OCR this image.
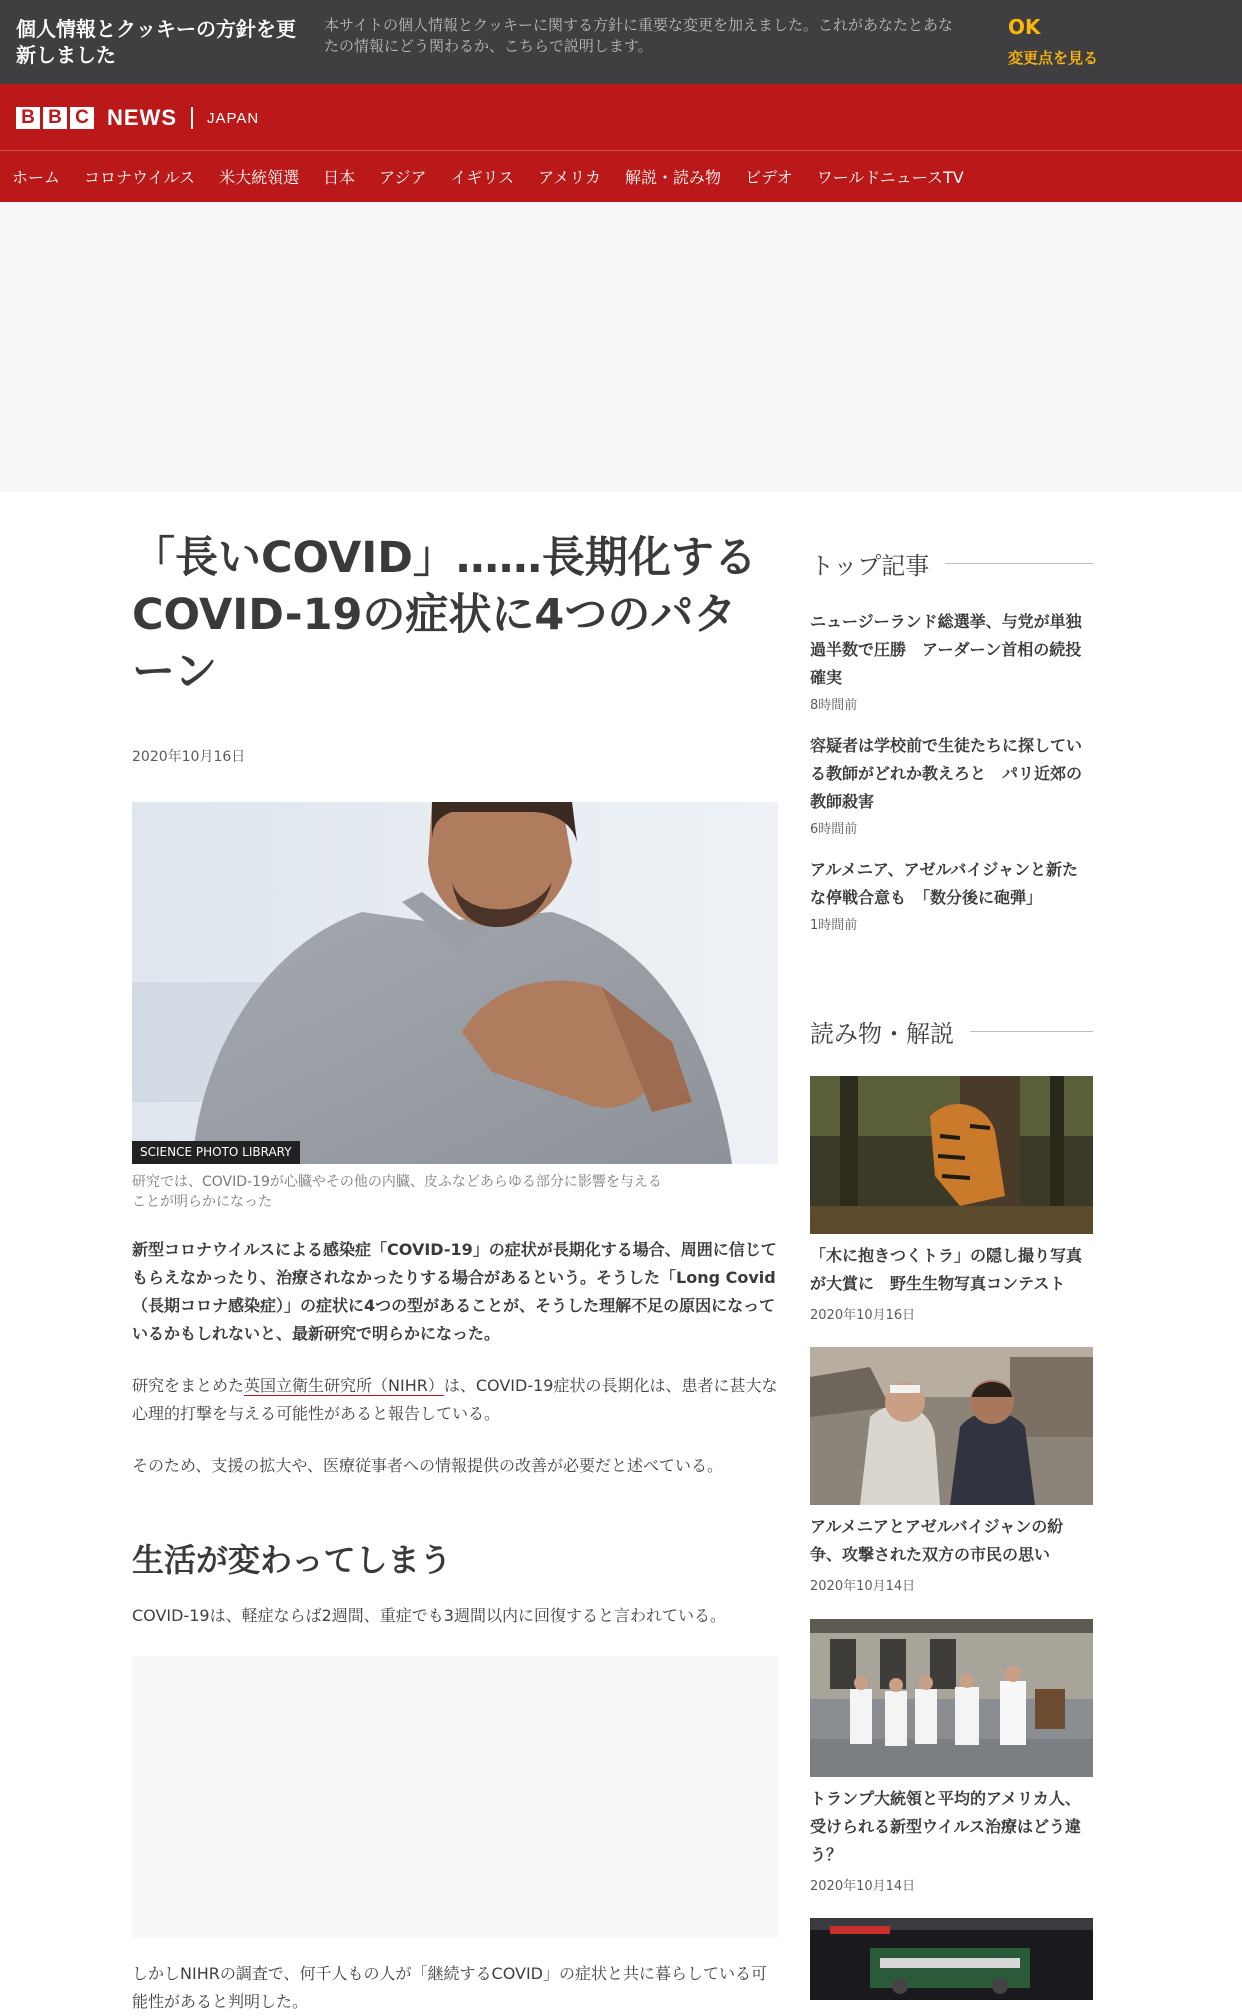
個人情報とクッキーの方針を更新しました
本サイトの個人情報とクッキーに関する方針に重要な変更を加えました。これがあなたとあなたの情報にどう関わるか、こちらで説明します。
OK
変更点を見る
B B C NEWS JAPAN
ホーム コロナウイルス 米大統領選 日本 アジア イギリス アメリカ 解説・読み物 ビデオ ワールドニュースTV
「長いCOVID」……長期化するCOVID-19の症状に4つのパターン
2020年10月16日
SCIENCE PHOTO LIBRARY
研究では、COVID-19が心臓やその他の内臓、皮ふなどあらゆる部分に影響を与えることが明らかになった

新型コロナウイルスによる感染症「COVID-19」の症状が長期化する場合、周囲に信じてもらえなかったり、治療されなかったりする場合があるという。そうした「Long Covid（長期コロナ感染症）」の症状に4つの型があることが、そうした理解不足の原因になっているかもしれないと、最新研究で明らかになった。

研究をまとめた英国立衛生研究所（NIHR）は、COVID-19症状の長期化は、患者に甚大な心理的打撃を与える可能性があると報告している。

そのため、支援の拡大や、医療従事者への情報提供の改善が必要だと述べている。

生活が変わってしまう

COVID-19は、軽症ならば2週間、重症でも3週間以内に回復すると言われている。

しかしNIHRの調査で、何千人もの人が「継続するCOVID」の症状と共に暮らしている可能性があると判明した。

トップ記事
ニュージーランド総選挙、与党が単独過半数で圧勝　アーダーン首相の続投確実
8時間前
容疑者は学校前で生徒たちに探している教師がどれか教えろと　パリ近郊の教師殺害
6時間前
アルメニア、アゼルバイジャンと新たな停戦合意も　「数分後に砲弾」
1時間前
読み物・解説
「木に抱きつくトラ」の隠し撮り写真が大賞に　野生生物写真コンテスト
2020年10月16日
アルメニアとアゼルバイジャンの紛争、攻撃された双方の市民の思い
2020年10月14日
トランプ大統領と平均的アメリカ人、受けられる新型ウイルス治療はどう違う？
2020年10月14日
